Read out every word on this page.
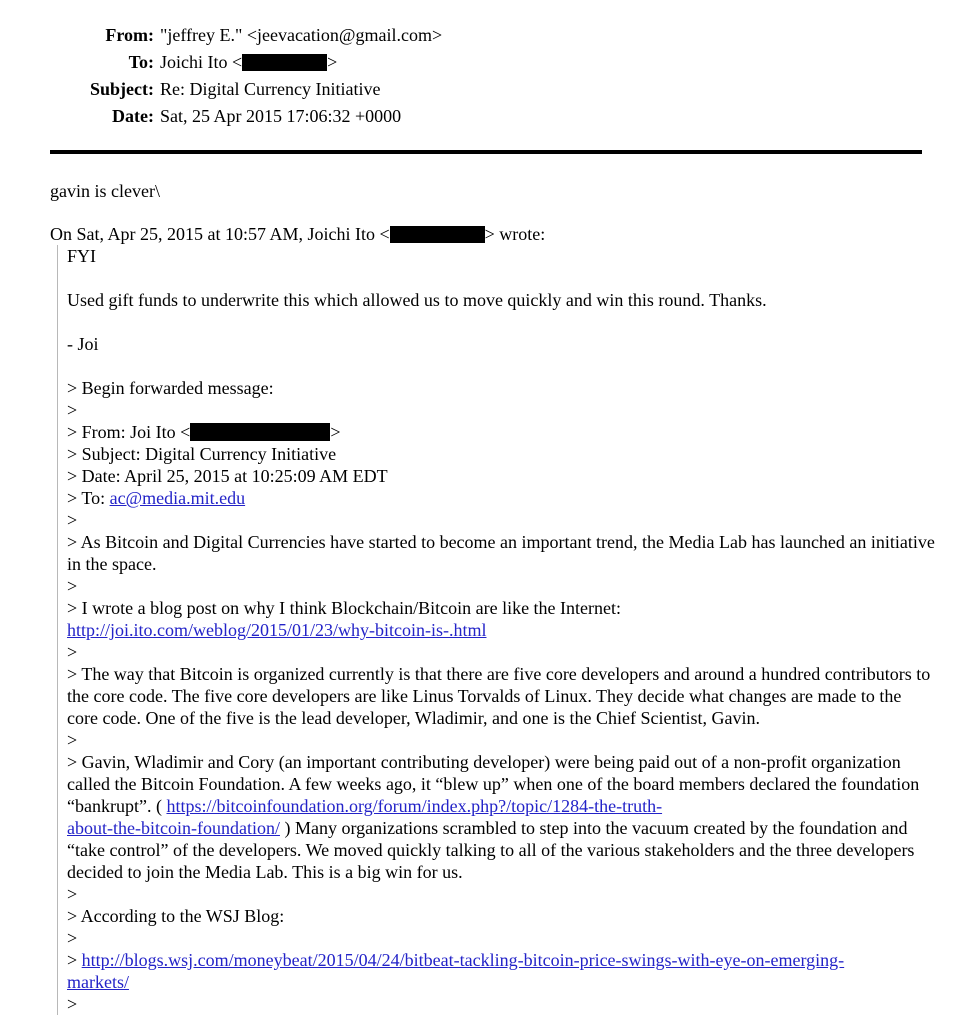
From: "jeffrey E." <jeevacation@gmail.com>
To: Joichi Ito <	>
Subject: Re: Digital Currency Initiative
Date: Sat, 25 Apr 2015 17:06:32 +0000
gavin is clever\
On Sat, Apr 25, 2015 at 10:57 AM, Joichi Ito <	> wrote:
FYI
Used gift funds to underwrite this which allowed us to move quickly and win this round. Thanks.
- Joi
> Begin forwarded message:
>
> From: Joi Ito <	>
> Subject: Digital Currency Initiative
> Date: April 25, 2015 at 10:25:09 AM EDT
> To: ac@media.mit.edu
>
> As Bitcoin and Digital Currencies have started to become an important trend, the Media Lab has launched an initiative in the space.
>
> I wrote a blog post on why I think Blockchain/Bitcoin are like the Internet: http://joi.ito.com/weblog/2015/01/23/why-bitcoin-is-.html
>
> The way that Bitcoin is organized currently is that there are five core developers and around a hundred contributors to the core code. The five core developers are like Linus Torvalds of Linux. They decide what changes are made to the core code. One of the five is the lead developer, Wladimir, and one is the Chief Scientist, Gavin.
>
> Gavin, Wladimir and Cory (an important contributing developer) were being paid out of a non-profit organization called the Bitcoin Foundation. A few weeks ago, it “blew up” when one of the board members declared the foundation “bankrupt”. ( https://bitcoinfoundation.org/forum/index.php?/topic/1284-the-truth-
about-the-bitcoin-foundation/ ) Many organizations scrambled to step into the vacuum created by the foundation and “take control” of the developers. We moved quickly talking to all of the various stakeholders and the three developers decided to join the Media Lab. This is a big win for us.
>
> According to the WSJ Blog:
>
> http://blogs.wsj.com/moneybeat/2015/04/24/bitbeat-tackling-bitcoin-price-swings-with-eye-on-emerging-
markets/
>
